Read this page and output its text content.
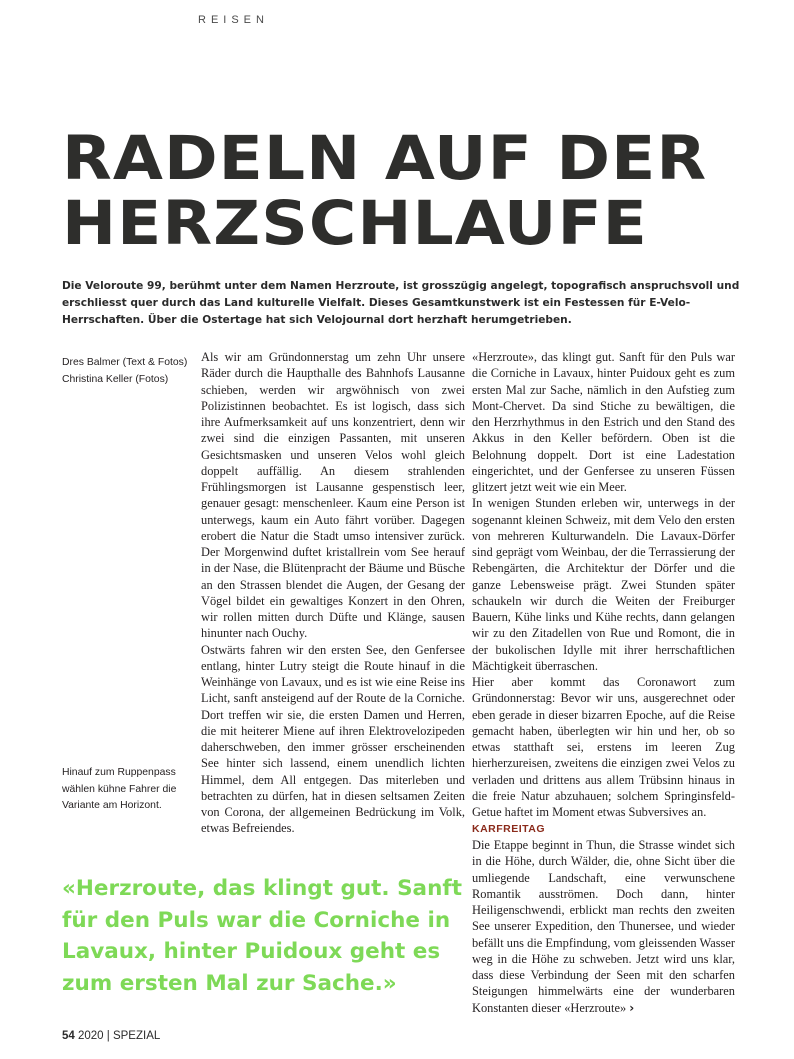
REISEN
RADELN AUF DER
HERZSCHLAUFE
Die Veloroute 99, berühmt unter dem Namen Herzroute, ist grosszügig angelegt, topografisch anspruchsvoll und erschliesst quer durch das Land kulturelle Vielfalt. Dieses Gesamtkunstwerk ist ein Festessen für E-Velo-Herrschaften. Über die Ostertage hat sich Velojournal dort herzhaft herumgetrieben.
Dres Balmer (Text & Fotos)
Christina Keller (Fotos)
Hinauf zum Ruppenpass wählen kühne Fahrer die Variante am Horizont.

Als wir am Gründonnerstag um zehn Uhr unsere Räder durch die Haupthalle des Bahnhofs Lausanne schieben, werden wir argwöhnisch von zwei Polizistinnen beobachtet. Es ist logisch, dass sich ihre Aufmerksamkeit auf uns konzentriert, denn wir zwei sind die einzigen Passanten, mit unseren Gesichtsmasken und unseren Velos wohl gleich doppelt auffällig. An diesem strahlenden Frühlingsmorgen ist Lausanne gespenstisch leer, genauer gesagt: menschenleer. Kaum eine Person ist unterwegs, kaum ein Auto fährt vorüber. Dagegen erobert die Natur die Stadt umso intensiver zurück. Der Morgenwind duftet kristallrein vom See herauf in der Nase, die Blütenpracht der Bäume und Büsche an den Strassen blendet die Augen, der Gesang der Vögel bildet ein gewaltiges Konzert in den Ohren, wir rollen mitten durch Düfte und Klänge, sausen hinunter nach Ouchy.

Ostwärts fahren wir den ersten See, den Genfersee entlang, hinter Lutry steigt die Route hinauf in die Weinhänge von Lavaux, und es ist wie eine Reise ins Licht, sanft ansteigend auf der Route de la Corniche. Dort treffen wir sie, die ersten Damen und Herren, die mit heiterer Miene auf ihren Elektrovelozipeden daherschweben, den immer grösser erscheinenden See hinter sich lassend, einem unendlich lichten Himmel, dem All entgegen. Das miterleben und betrachten zu dürfen, hat in diesen seltsamen Zeiten von Corona, der allgemeinen Bedrückung im Volk, etwas Befreiendes.

«Herzroute», das klingt gut. Sanft für den Puls war die Corniche in Lavaux, hinter Puidoux geht es zum ersten Mal zur Sache, nämlich in den Aufstieg zum Mont-Chervet. Da sind Stiche zu bewältigen, die den Herzrhythmus in den Estrich und den Stand des Akkus in den Keller befördern. Oben ist die Belohnung doppelt. Dort ist eine Ladestation eingerichtet, und der Genfersee zu unseren Füssen glitzert jetzt weit wie ein Meer.

In wenigen Stunden erleben wir, unterwegs in der sogenannt kleinen Schweiz, mit dem Velo den ersten von mehreren Kulturwandeln. Die Lavaux-Dörfer sind geprägt vom Weinbau, der die Terrassierung der Rebengärten, die Architektur der Dörfer und die ganze Lebensweise prägt. Zwei Stunden später schaukeln wir durch die Weiten der Freiburger Bauern, Kühe links und Kühe rechts, dann gelangen wir zu den Zitadellen von Rue und Romont, die in der bukolischen Idylle mit ihrer herrschaftlichen Mächtigkeit überraschen.

Hier aber kommt das Coronawort zum Gründonnerstag: Bevor wir uns, ausgerechnet oder eben gerade in dieser bizarren Epoche, auf die Reise gemacht haben, überlegten wir hin und her, ob so etwas statthaft sei, erstens im leeren Zug hierherzureisen, zweitens die einzigen zwei Velos zu verladen und drittens aus allem Trübsinn hinaus in die freie Natur abzuhauen; solchem Springinsfeld-Getue haftet im Moment etwas Subversives an.

KARFREITAG

Die Etappe beginnt in Thun, die Strasse windet sich in die Höhe, durch Wälder, die, ohne Sicht über die umliegende Landschaft, eine verwunschene Romantik ausströmen. Doch dann, hinter Heiligenschwendi, erblickt man rechts den zweiten See unserer Expedition, den Thunersee, und wieder befällt uns die Empfindung, vom gleissenden Wasser weg in die Höhe zu schweben. Jetzt wird uns klar, dass diese Verbindung der Seen mit den scharfen Steigungen himmelwärts eine der wunderbaren Konstanten dieser «Herzroute» ›

«Herzroute, das klingt gut. Sanft für den Puls war die Corniche in Lavaux, hinter Puidoux geht es zum ersten Mal zur Sache.»
54 2020 | SPEZIAL
